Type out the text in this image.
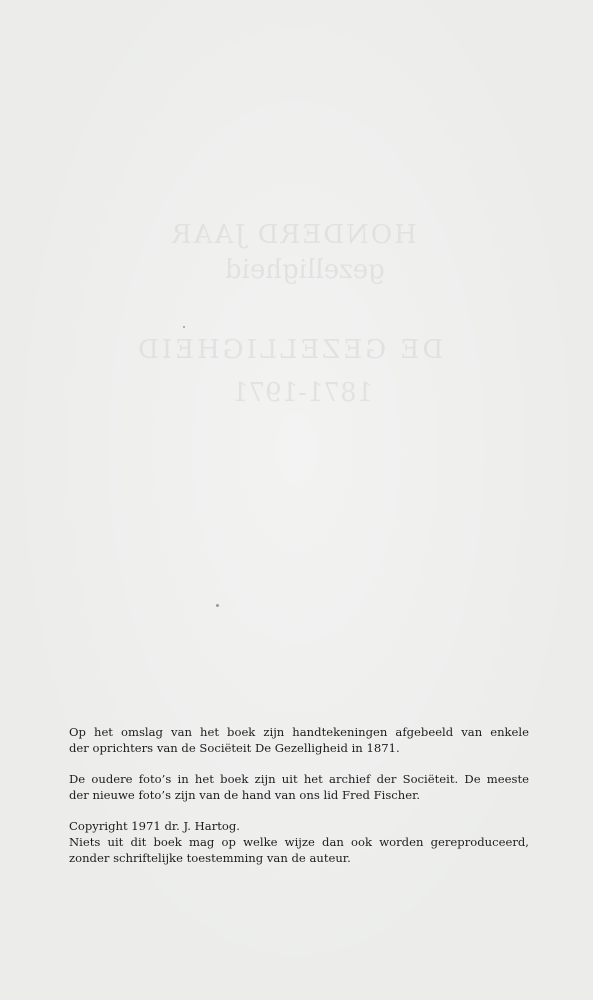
HONDERD JAAR
gezelligheid
DE GEZELLIGHEID
1871-1971

Op het omslag van het boek zijn handtekeningen afgebeeld van enkele
der oprichters van de Sociëteit De Gezelligheid in 1871.

De oudere foto’s in het boek zijn uit het archief der Sociëteit. De meeste
der nieuwe foto’s zijn van de hand van ons lid Fred Fischer.

Copyright 1971 dr. J. Hartog.
Niets uit dit boek mag op welke wijze dan ook worden gereproduceerd,
zonder schriftelijke toestemming van de auteur.
